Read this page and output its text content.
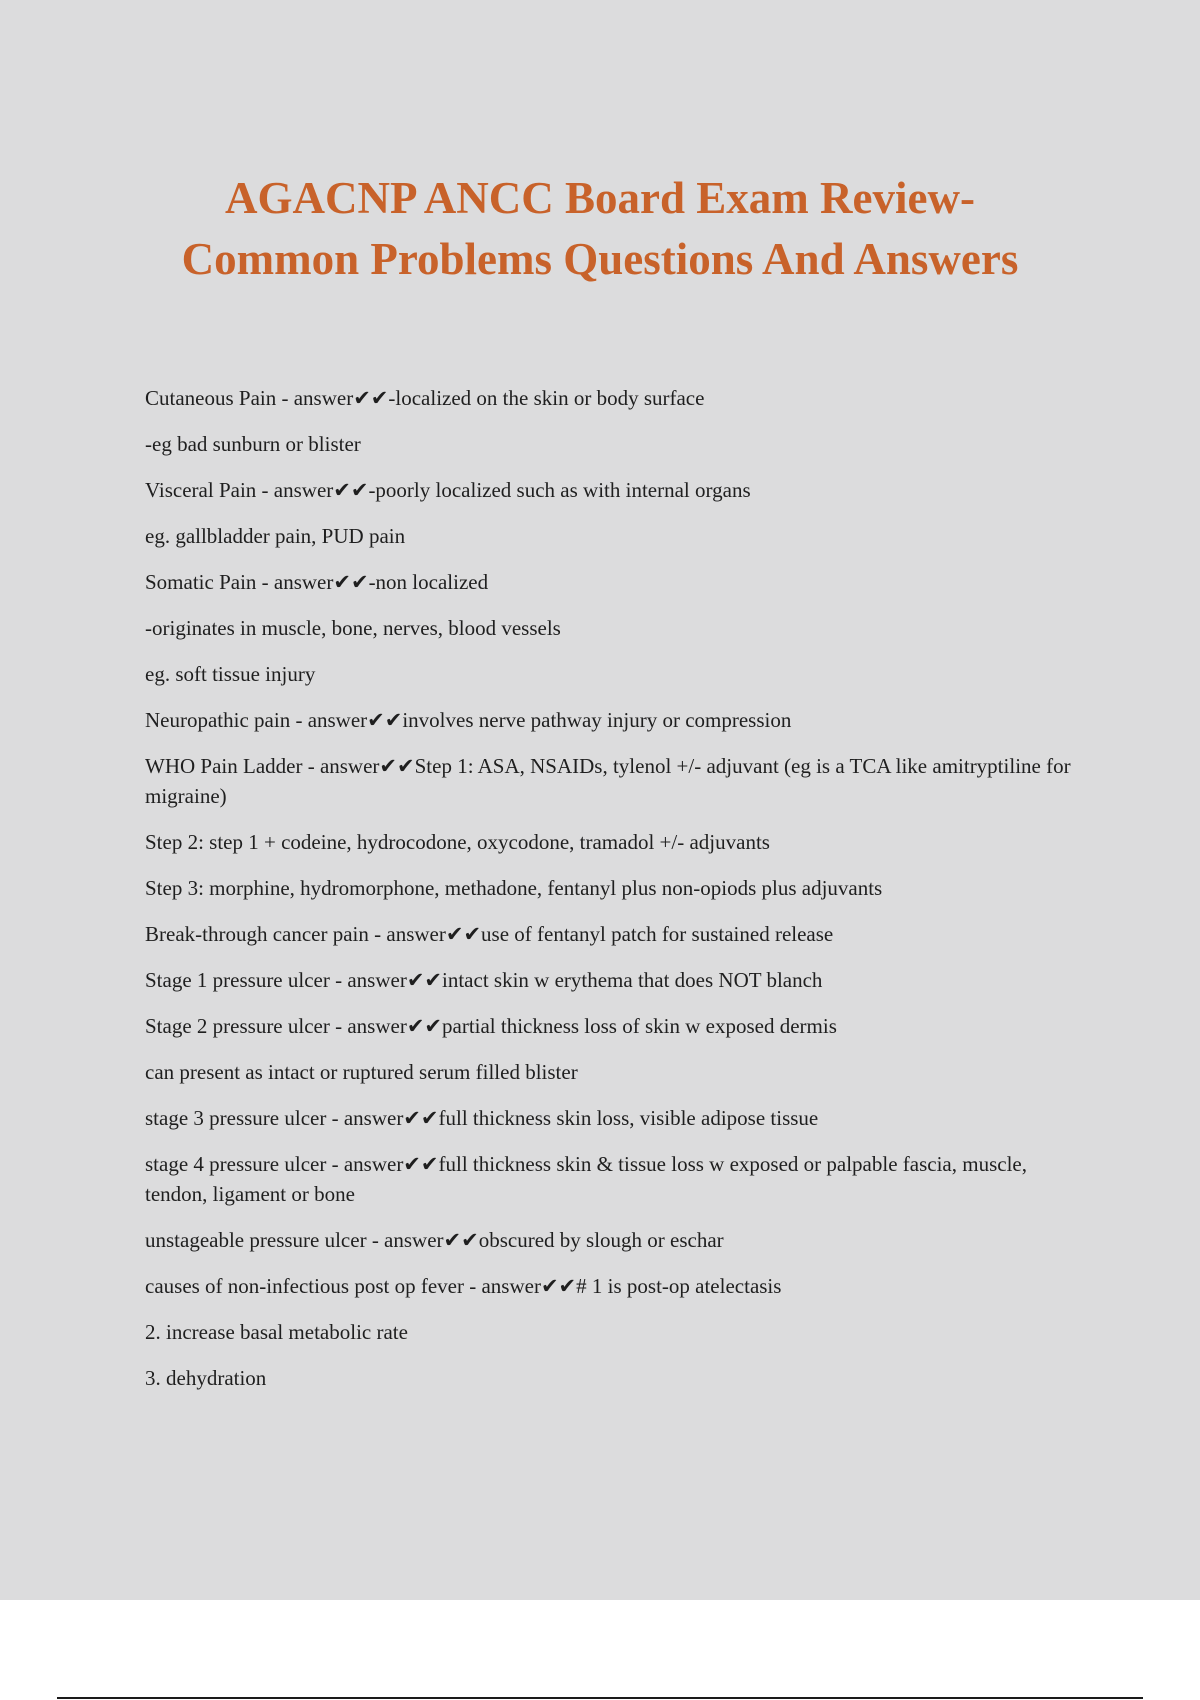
AGACNP ANCC Board Exam Review-
Common Problems Questions And Answers

Cutaneous Pain - answer✔✔-localized on the skin or body surface

-eg bad sunburn or blister

Visceral Pain - answer✔✔-poorly localized such as with internal organs

eg. gallbladder pain, PUD pain

Somatic Pain - answer✔✔-non localized

-originates in muscle, bone, nerves, blood vessels

eg. soft tissue injury

Neuropathic pain - answer✔✔involves nerve pathway injury or compression

WHO Pain Ladder - answer✔✔Step 1: ASA, NSAIDs, tylenol +/- adjuvant (eg is a TCA like amitryptiline for migraine)

Step 2: step 1 + codeine, hydrocodone, oxycodone, tramadol +/- adjuvants

Step 3: morphine, hydromorphone, methadone, fentanyl plus non-opiods plus adjuvants

Break-through cancer pain - answer✔✔use of fentanyl patch for sustained release

Stage 1 pressure ulcer - answer✔✔intact skin w erythema that does NOT blanch

Stage 2 pressure ulcer - answer✔✔partial thickness loss of skin w exposed dermis

can present as intact or ruptured serum filled blister

stage 3 pressure ulcer - answer✔✔full thickness skin loss, visible adipose tissue

stage 4 pressure ulcer - answer✔✔full thickness skin & tissue loss w exposed or palpable fascia, muscle, tendon, ligament or bone

unstageable pressure ulcer - answer✔✔obscured by slough or eschar

causes of non-infectious post op fever - answer✔✔# 1 is post-op atelectasis

2. increase basal metabolic rate

3. dehydration
